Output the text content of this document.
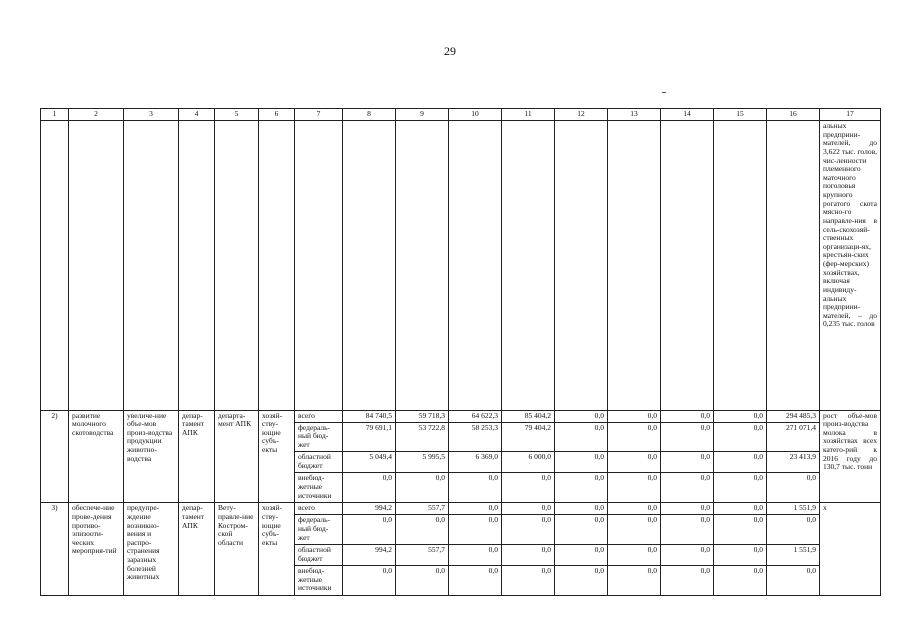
29
1	2	3	4	5	6	7	8	9	10	11	12	13	14	15	16	17
																альных предприни-мателей, до 3,622 тыс. голов, чис-ленности племенного маточного поголовья крупного рогатого скота мясно-го направле-ния в сель-скохозяй-ственных организаци-ях, крестьян-ских (фер-мерских) хозяйствах, включая индивиду-альных предприни-мателей, – до 0,235 тыс. голов
2)	развитие молочного скотоводства	увеличе-ние объе-мов произ-водства продукции животно-водства	депар-тамент АПК	департа-мент АПК	хозяй-ству-ющие субъ-екты	всего	84 740,5	59 718,3	64 622,3	85 404,2	0,0	0,0	0,0	0,0	294 485,3	рост объе-мов произ-водства молока в хозяйствах всех катего-рий к 2016 году до 130,7 тыс. тонн
						федераль-ный бюд-жет	79 691,1	53 722,8	58 253,3	79 404,2	0,0	0,0	0,0	0,0	271 071,4	
						областной бюджет	5 049,4	5 995,5	6 369,0	6 000,0	0,0	0,0	0,0	0,0	23 413,9	
						внебюд-жетные источники	0,0	0,0	0,0	0,0	0,0	0,0	0,0	0,0	0,0	
3)	обеспече-ние прове-дения противо-эпизооти-ческих мероприя-тий	предупре-ждение возникно-вения и распро-странения заразных болезней животных	депар-тамент АПК	Вету-правле-ние Костром-ской области	хозяй-ству-ющие субъ-екты	всего	994,2	557,7	0,0	0,0	0,0	0,0	0,0	0,0	1 551,9	x
						федераль-ный бюд-жет	0,0	0,0	0,0	0,0	0,0	0,0	0,0	0,0	0,0	
						областной бюджет	994,2	557,7	0,0	0,0	0,0	0,0	0,0	0,0	1 551,9	
						внебюд-жетные источники	0,0	0,0	0,0	0,0	0,0	0,0	0,0	0,0	0,0	
